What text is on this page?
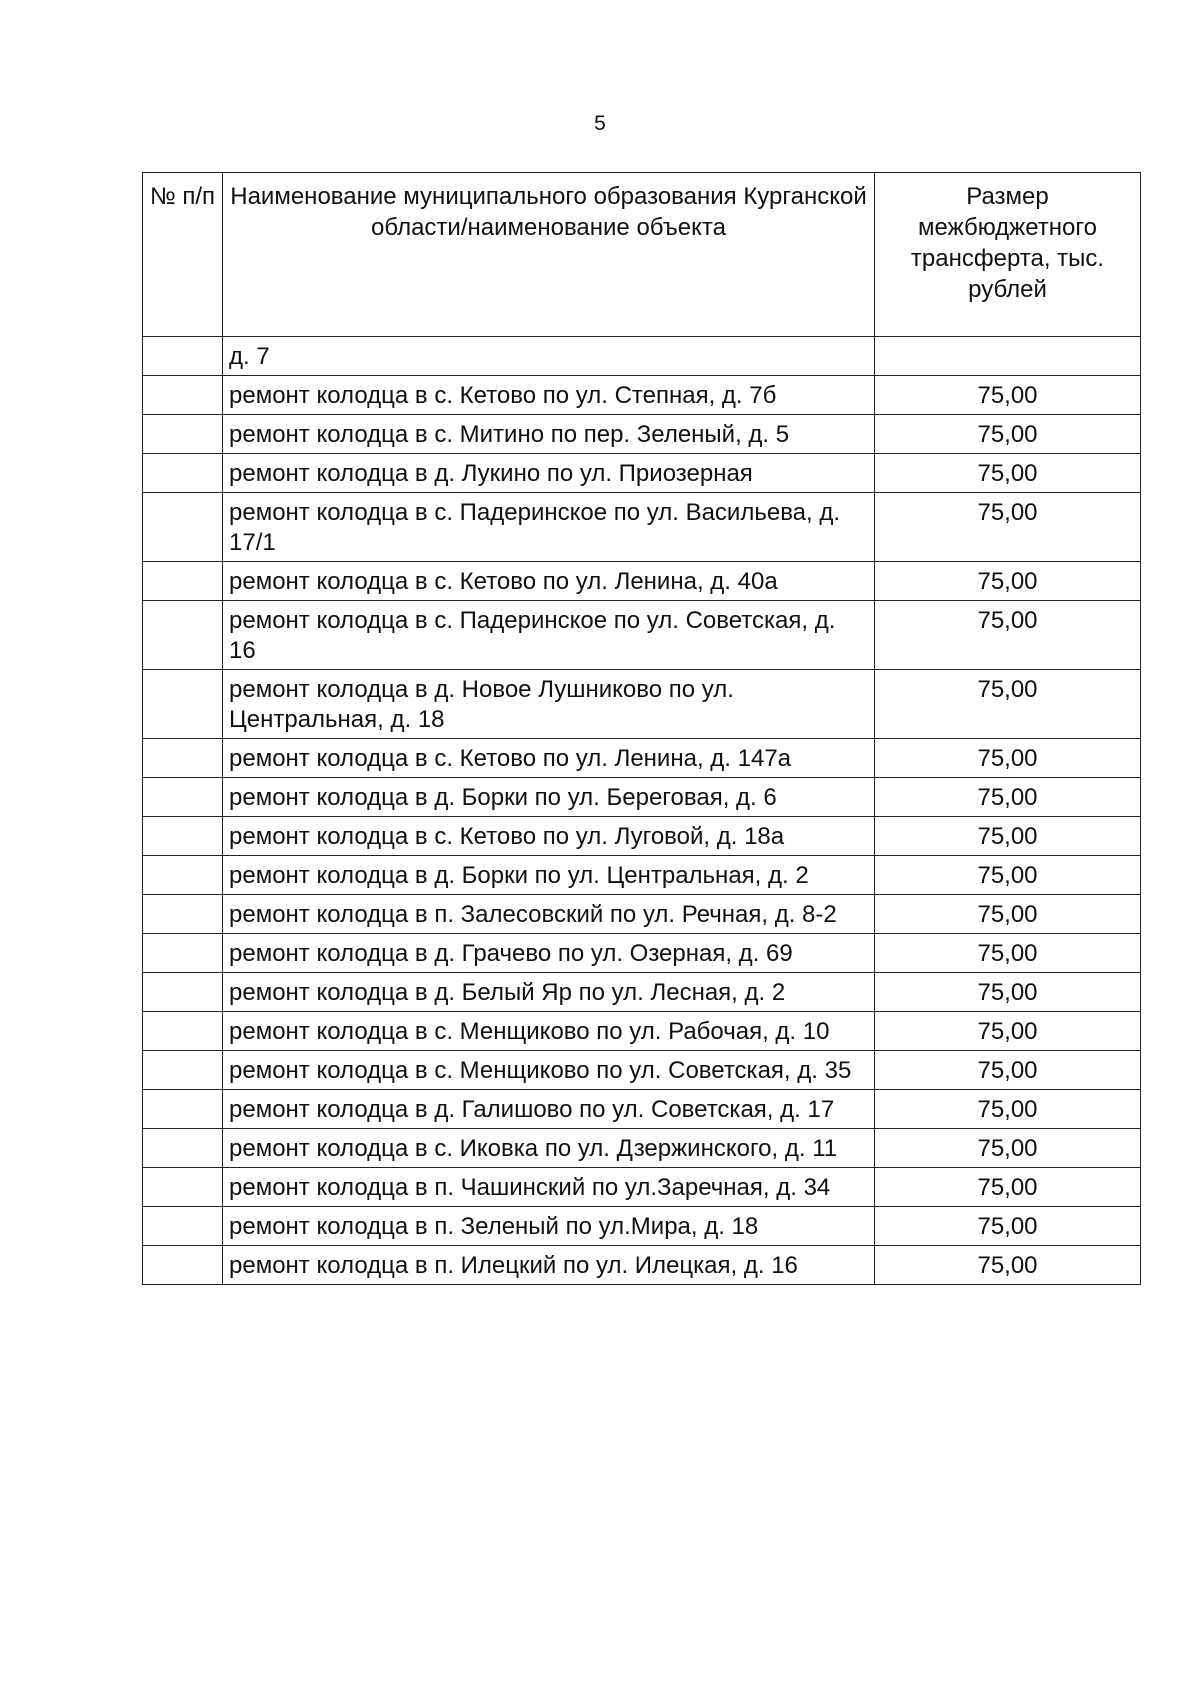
5
№ п/п	Наименование муниципального образования Курганской области/наименование объекта	Размер межбюджетного трансферта, тыс. рублей
	д. 7	
	ремонт колодца в с. Кетово по ул. Степная, д. 7б	75,00
	ремонт колодца в с. Митино по пер. Зеленый, д. 5	75,00
	ремонт колодца в д. Лукино по ул. Приозерная	75,00
	ремонт колодца в с. Падеринское по ул. Васильева, д. 17/1	75,00
	ремонт колодца в с. Кетово по ул. Ленина, д. 40а	75,00
	ремонт колодца в с. Падеринское по ул. Советская, д. 16	75,00
	ремонт колодца в д. Новое Лушниково по ул. Центральная, д. 18	75,00
	ремонт колодца в с. Кетово по ул. Ленина, д. 147а	75,00
	ремонт колодца в д. Борки по ул. Береговая, д. 6	75,00
	ремонт колодца в с. Кетово по ул. Луговой, д. 18а	75,00
	ремонт колодца в д. Борки по ул. Центральная, д. 2	75,00
	ремонт колодца в п. Залесовский по ул. Речная, д. 8-2	75,00
	ремонт колодца в д. Грачево по ул. Озерная, д. 69	75,00
	ремонт колодца в д. Белый Яр по ул. Лесная, д. 2	75,00
	ремонт колодца в с. Менщиково по ул. Рабочая, д. 10	75,00
	ремонт колодца в с. Менщиково по ул. Советская, д. 35	75,00
	ремонт колодца в д. Галишово по ул. Советская, д. 17	75,00
	ремонт колодца в с. Иковка по ул. Дзержинского, д. 11	75,00
	ремонт колодца в п. Чашинский по ул.Заречная, д. 34	75,00
	ремонт колодца в п. Зеленый по ул.Мира, д. 18	75,00
	ремонт колодца в п. Илецкий по ул. Илецкая, д. 16	75,00
